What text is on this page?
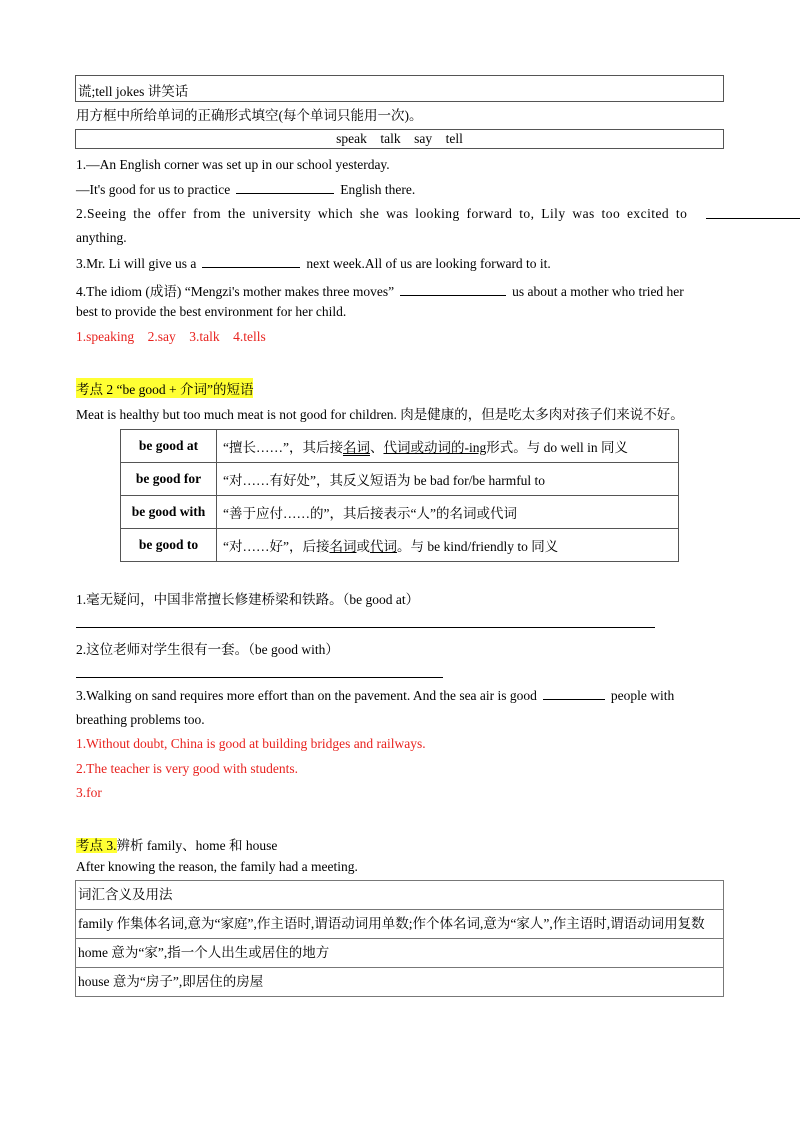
谎;tell jokes 讲笑话
用方框中所给单词的正确形式填空(每个单词只能用一次)。
speak    talk    say    tell
1.—An English corner was set up in our school yesterday.
—It's good for us to practice	English there.
2.Seeing the offer from the university which she was looking forward to, Lily was too excited to
anything.
3.Mr. Li will give us a	next week.All of us are looking forward to it.
4.The idiom (成语) “Mengzi's mother makes three moves”	us about a mother who tried her
best to provide the best environment for her child.
1.speaking    2.say    3.talk    4.tells
考点 2 “be good + 介词”的短语
Meat is healthy but too much meat is not good for children. 肉是健康的，但是吃太多肉对孩子们来说不好。
be good at	“擅长……”，其后接名词、代词或动词的-ing形式。与 do well in 同义
be good for	“对……有好处”，其反义短语为 be bad for/be harmful to
be good with	“善于应付……的”，其后接表示“人”的名词或代词
be good to	“对……好”，后接名词或代词。与 be kind/friendly to 同义
1.毫无疑问，中国非常擅长修建桥梁和铁路。（be good at）
2.这位老师对学生很有一套。（be good with）
3.Walking on sand requires more effort than on the pavement. And the sea air is good	people with
breathing problems too.
1.Without doubt, China is good at building bridges and railways.
2.The teacher is very good with students.
3.for
考点 3.辨析 family、home 和 house
After knowing the reason, the family had a meeting.
词汇含义及用法
family 作集体名词,意为“家庭”,作主语时,谓语动词用单数;作个体名词,意为“家人”,作主语时,谓语动词用复数
home 意为“家”,指一个人出生或居住的地方
house 意为“房子”,即居住的房屋
